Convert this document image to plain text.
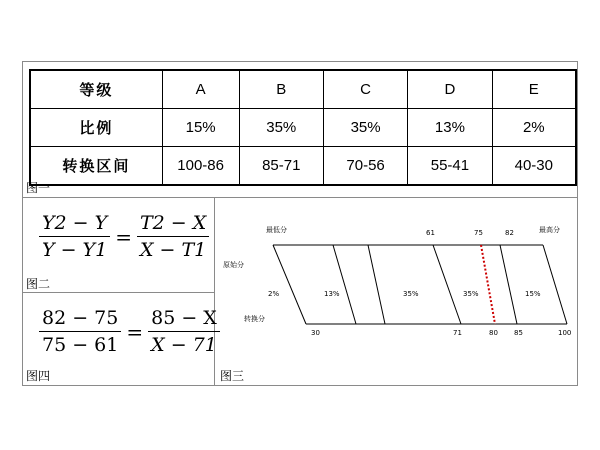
等级	A	B	C	D	E
比例	15%	35%	35%	13%	2%
转换区间	100-86	85-71	70-56	55-41	40-30
图一
$\frac{Y2 - Y}{Y - Y1} = \frac{T2 - X}{X - T1}$
图二
$\frac{82 - 75}{75 - 61} = \frac{85 - X}{X - 71}$
图四
2%	13%	35%	35%	15%
最低分	最高分
原始分
转换分
61	75	82
30	71	80 85	100
图三
